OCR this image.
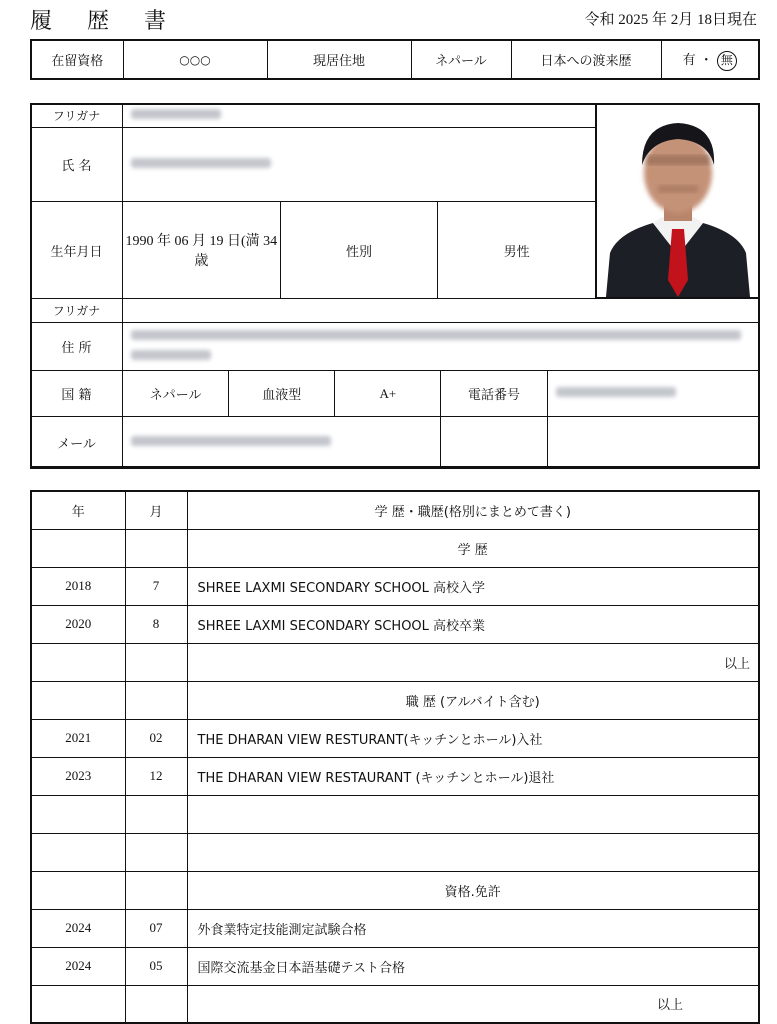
履 歴 書	令和 2025 年 2月 18日現在
在留資格	○○○	現居住地	ネパール	日本への渡来歴	有 ・ 無
フリガナ			
氏 名			
生年月日	1990 年 06 月 19 日(満 34 歳	性別	男性
フリガナ					
住 所					

国 籍	ネパール	血液型	A+	電話番号	
メール					
年	月	学 歴・職歴(格別にまとめて書く)
		学 歴
2018	7	SHREE LAXMI SECONDARY SCHOOL 高校入学
2020	8	SHREE LAXMI SECONDARY SCHOOL 高校卒業
		以上
		職 歴 (アルバイト含む)
2021	02	THE DHARAN VIEW RESTURANT(キッチンとホール)入社
2023	12	THE DHARAN VIEW RESTAURANT (キッチンとホール)退社

		資格.免許
2024	07	外食業特定技能測定試験合格
2024	05	国際交流基金日本語基礎テスト合格
		以上
